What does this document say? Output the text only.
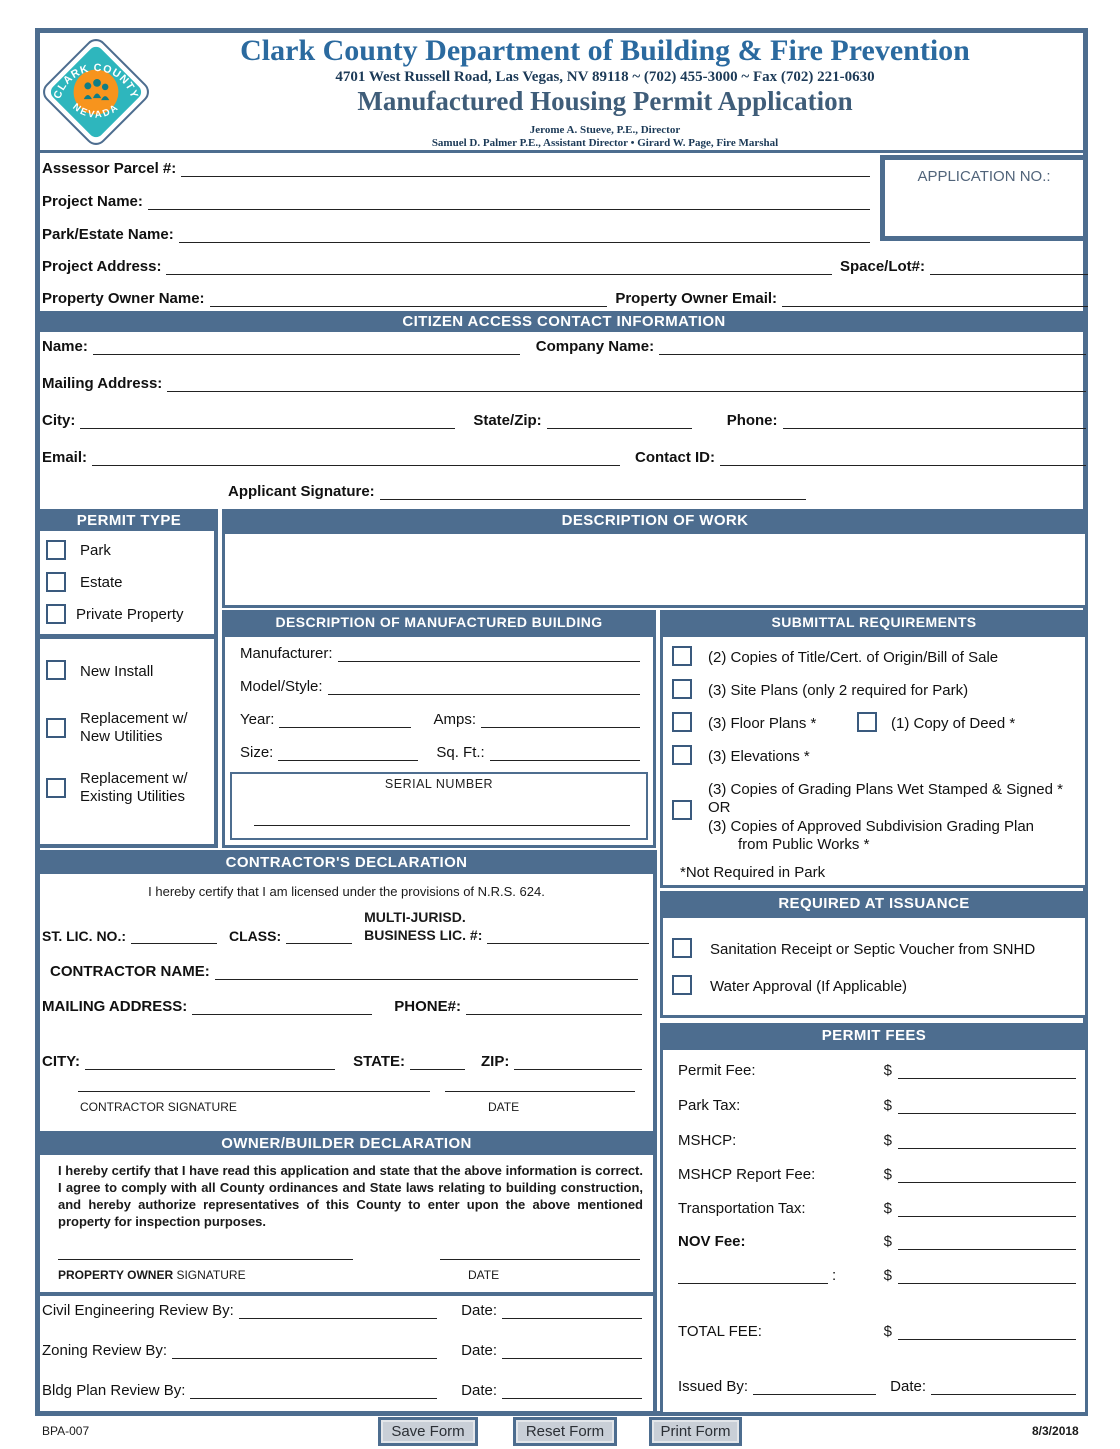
CLARK COUNTY
NEVADA
Clark County Department of Building & Fire Prevention
4701 West Russell Road, Las Vegas, NV 89118 ~ (702) 455-3000 ~ Fax (702) 221-0630
Manufactured Housing Permit Application
Jerome A. Stueve, P.E., Director
Samuel D. Palmer P.E., Assistant Director • Girard W. Page, Fire Marshal
APPLICATION NO.:
Assessor Parcel #:
Project Name:
Park/Estate Name:
Project Address:	Space/Lot#:
Property Owner Name:	Property Owner Email:
CITIZEN ACCESS CONTACT INFORMATION
Name:	Company Name:
Mailing Address:
City:	State/Zip:	Phone:
Email:	Contact ID:
Applicant Signature:
PERMIT TYPE	DESCRIPTION OF WORK
Park
Estate
Private Property
New Install
Replacement w/ New Utilities
Replacement w/ Existing Utilities
DESCRIPTION OF MANUFACTURED BUILDING	SUBMITTAL REQUIREMENTS
Manufacturer:
Model/Style:
Year:	Amps:
Size:	Sq. Ft.:
SERIAL NUMBER
(2) Copies of Title/Cert. of Origin/Bill of Sale
(3) Site Plans (only 2 required for Park)
(3) Floor Plans *	(1) Copy of Deed *
(3) Elevations *
(3) Copies of Grading Plans Wet Stamped & Signed *
OR
(3) Copies of Approved Subdivision Grading Plan
from Public Works *
*Not Required in Park
CONTRACTOR'S DECLARATION
I hereby certify that I am licensed under the provisions of N.R.S. 624.
ST. LIC. NO.:	CLASS:
MULTI-JURISD.
BUSINESS LIC. #:
CONTRACTOR NAME:
MAILING ADDRESS:	PHONE#:
CITY:	STATE:	ZIP:
CONTRACTOR SIGNATURE	DATE
OWNER/BUILDER DECLARATION
I hereby certify that I have read this application and state that the above information is correct. I agree to comply with all County ordinances and State laws relating to building construction, and hereby authorize representatives of this County to enter upon the above mentioned property for inspection purposes.
PROPERTY OWNER SIGNATURE	DATE
Civil Engineering Review By:	Date:
Zoning Review By:	Date:
Bldg Plan Review By:	Date:
REQUIRED AT ISSUANCE
Sanitation Receipt or Septic Voucher from SNHD
Water Approval (If Applicable)
PERMIT FEES
Permit Fee:	$
Park Tax:	$
MSHCP:	$
MSHCP Report Fee:	$
Transportation Tax:	$
NOV Fee:	$
:	$
TOTAL FEE:	$
Issued By:	Date:
BPA-007	Save Form	Reset Form	Print Form	8/3/2018
